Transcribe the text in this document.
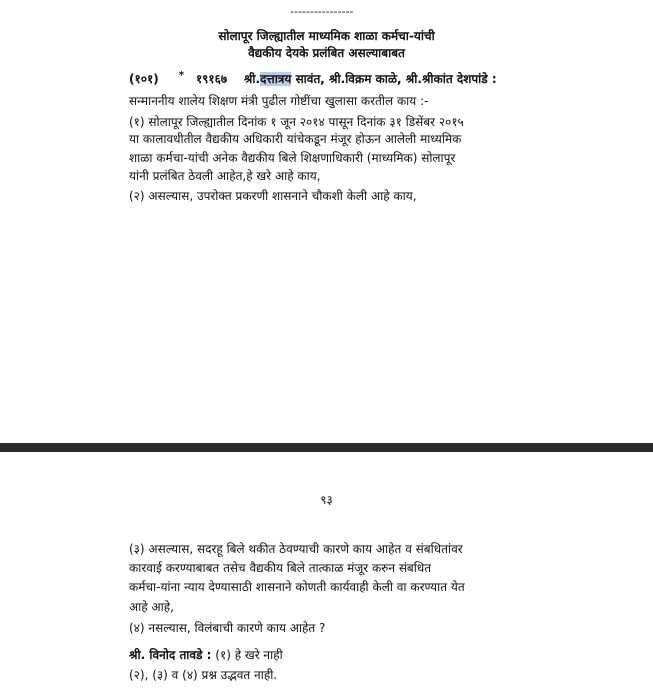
----------------
सोलापूर जिल्ह्यातील माध्यमिक शाळा कर्मचा-यांची
वैद्यकीय देयके प्रलंबित असल्याबाबत
(१०१) * १९१६७ श्री.दत्तात्रय सावंत, श्री.विक्रम काळे, श्री.श्रीकांत देशपांडे :
सन्माननीय शालेय शिक्षण मंत्री पुढील गोष्टींचा खुलासा करतील काय :-
(१) सोलापूर जिल्ह्यातील दिनांक १ जून २०१४ पासून दिनांक ३१ डिसेंबर २०१५
या कालावधीतील वैद्यकीय अधिकारी यांचेकडून मंजूर होऊन आलेली माध्यमिक
शाळा कर्मचा-यांची अनेक वैद्यकीय बिले शिक्षणाधिकारी (माध्यमिक) सोलापूर
यांनी प्रलंबित ठेवली आहेत,हे खरे आहे काय,
(२) असल्यास, उपरोक्त प्रकरणी शासनाने चौकशी केली आहे काय,
९३
(३) असल्यास, सदरहू बिले थकीत ठेवण्याची कारणे काय आहेत व संबधितांवर
कारवाई करण्याबाबत तसेच वैद्यकीय बिले तात्काळ मंजूर करुन संबधित
कर्मचा-यांना न्याय देण्यासाठी शासनाने कोणती कार्यवाही केली वा करण्यात येत
आहे आहे,
(४) नसल्यास, विलंबाची कारणे काय आहेत ?
श्री. विनोद तावडे : (१) हे खरे नाही
(२), (३) व (४) प्रश्न उद्भवत नाही.
